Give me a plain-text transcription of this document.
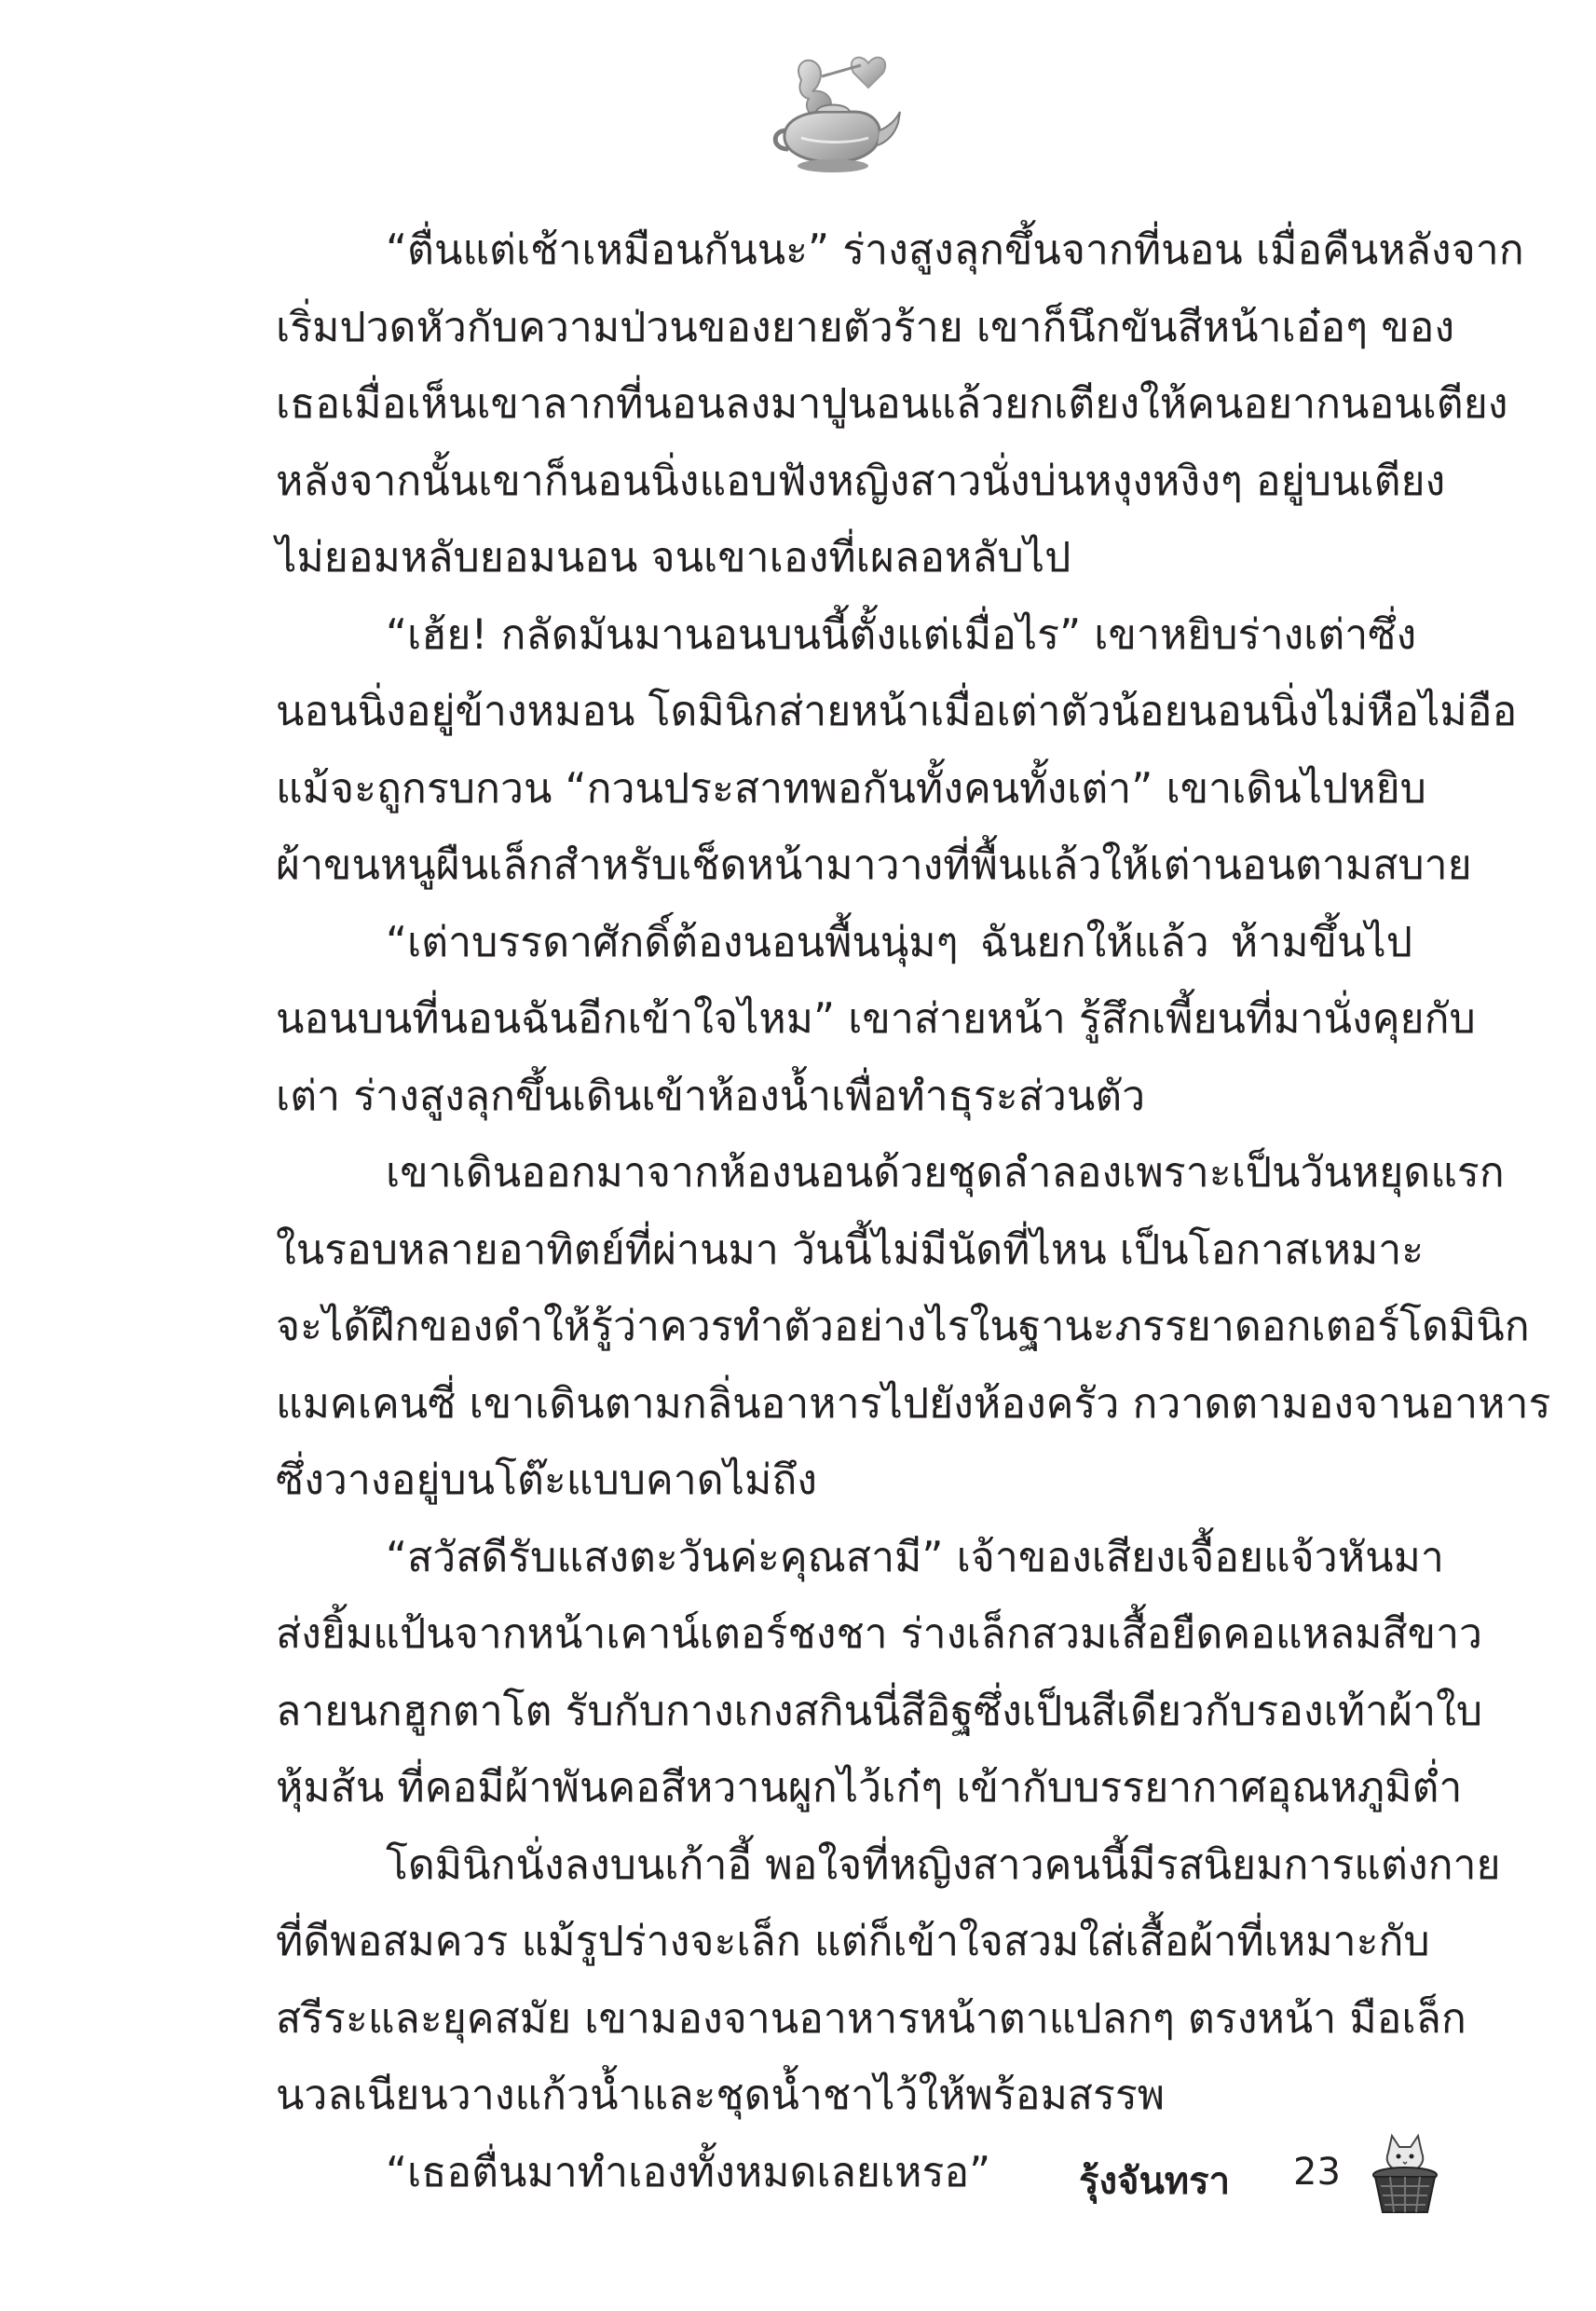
“ตื่นแต่เช้าเหมือนกันนะ” ร่างสูงลุกขึ้นจากที่นอน เมื่อคืนหลังจาก
เริ่มปวดหัวกับความป่วนของยายตัวร้าย เขาก็นึกขันสีหน้าเอ๋อๆ ของ
เธอเมื่อเห็นเขาลากที่นอนลงมาปูนอนแล้วยกเตียงให้คนอยากนอนเตียง
หลังจากนั้นเขาก็นอนนิ่งแอบฟังหญิงสาวนั่งบ่นหงุงหงิงๆ อยู่บนเตียง
ไม่ยอมหลับยอมนอน จนเขาเองที่เผลอหลับไป
“เฮ้ย! กลัดมันมานอนบนนี้ตั้งแต่เมื่อไร” เขาหยิบร่างเต่าซึ่ง
นอนนิ่งอยู่ข้างหมอน โดมินิกส่ายหน้าเมื่อเต่าตัวน้อยนอนนิ่งไม่หือไม่อือ
แม้จะถูกรบกวน “กวนประสาทพอกันทั้งคนทั้งเต่า” เขาเดินไปหยิบ
ผ้าขนหนูผืนเล็กสำหรับเช็ดหน้ามาวางที่พื้นแล้วให้เต่านอนตามสบาย
“เต่าบรรดาศักดิ์ต้องนอนพื้นนุ่มๆ ฉันยกให้แล้ว ห้ามขึ้นไป
นอนบนที่นอนฉันอีกเข้าใจไหม” เขาส่ายหน้า รู้สึกเพี้ยนที่มานั่งคุยกับ
เต่า ร่างสูงลุกขึ้นเดินเข้าห้องน้ำเพื่อทำธุระส่วนตัว
เขาเดินออกมาจากห้องนอนด้วยชุดลำลองเพราะเป็นวันหยุดแรก
ในรอบหลายอาทิตย์ที่ผ่านมา วันนี้ไม่มีนัดที่ไหน เป็นโอกาสเหมาะ
จะได้ฝึกของดำให้รู้ว่าควรทำตัวอย่างไรในฐานะภรรยาดอกเตอร์โดมินิก
แมคเคนซี่ เขาเดินตามกลิ่นอาหารไปยังห้องครัว กวาดตามองจานอาหาร
ซึ่งวางอยู่บนโต๊ะแบบคาดไม่ถึง
“สวัสดีรับแสงตะวันค่ะคุณสามี” เจ้าของเสียงเจื้อยแจ้วหันมา
ส่งยิ้มแป้นจากหน้าเคาน์เตอร์ชงชา ร่างเล็กสวมเสื้อยืดคอแหลมสีขาว
ลายนกฮูกตาโต รับกับกางเกงสกินนี่สีอิฐซึ่งเป็นสีเดียวกับรองเท้าผ้าใบ
หุ้มส้น ที่คอมีผ้าพันคอสีหวานผูกไว้เก๋ๆ เข้ากับบรรยากาศอุณหภูมิต่ำ
โดมินิกนั่งลงบนเก้าอี้ พอใจที่หญิงสาวคนนี้มีรสนิยมการแต่งกาย
ที่ดีพอสมควร แม้รูปร่างจะเล็ก แต่ก็เข้าใจสวมใส่เสื้อผ้าที่เหมาะกับ
สรีระและยุคสมัย เขามองจานอาหารหน้าตาแปลกๆ ตรงหน้า มือเล็ก
นวลเนียนวางแก้วน้ำและชุดน้ำชาไว้ให้พร้อมสรรพ
“เธอตื่นมาทำเองทั้งหมดเลยเหรอ”	รุ้งจันทรา 23
